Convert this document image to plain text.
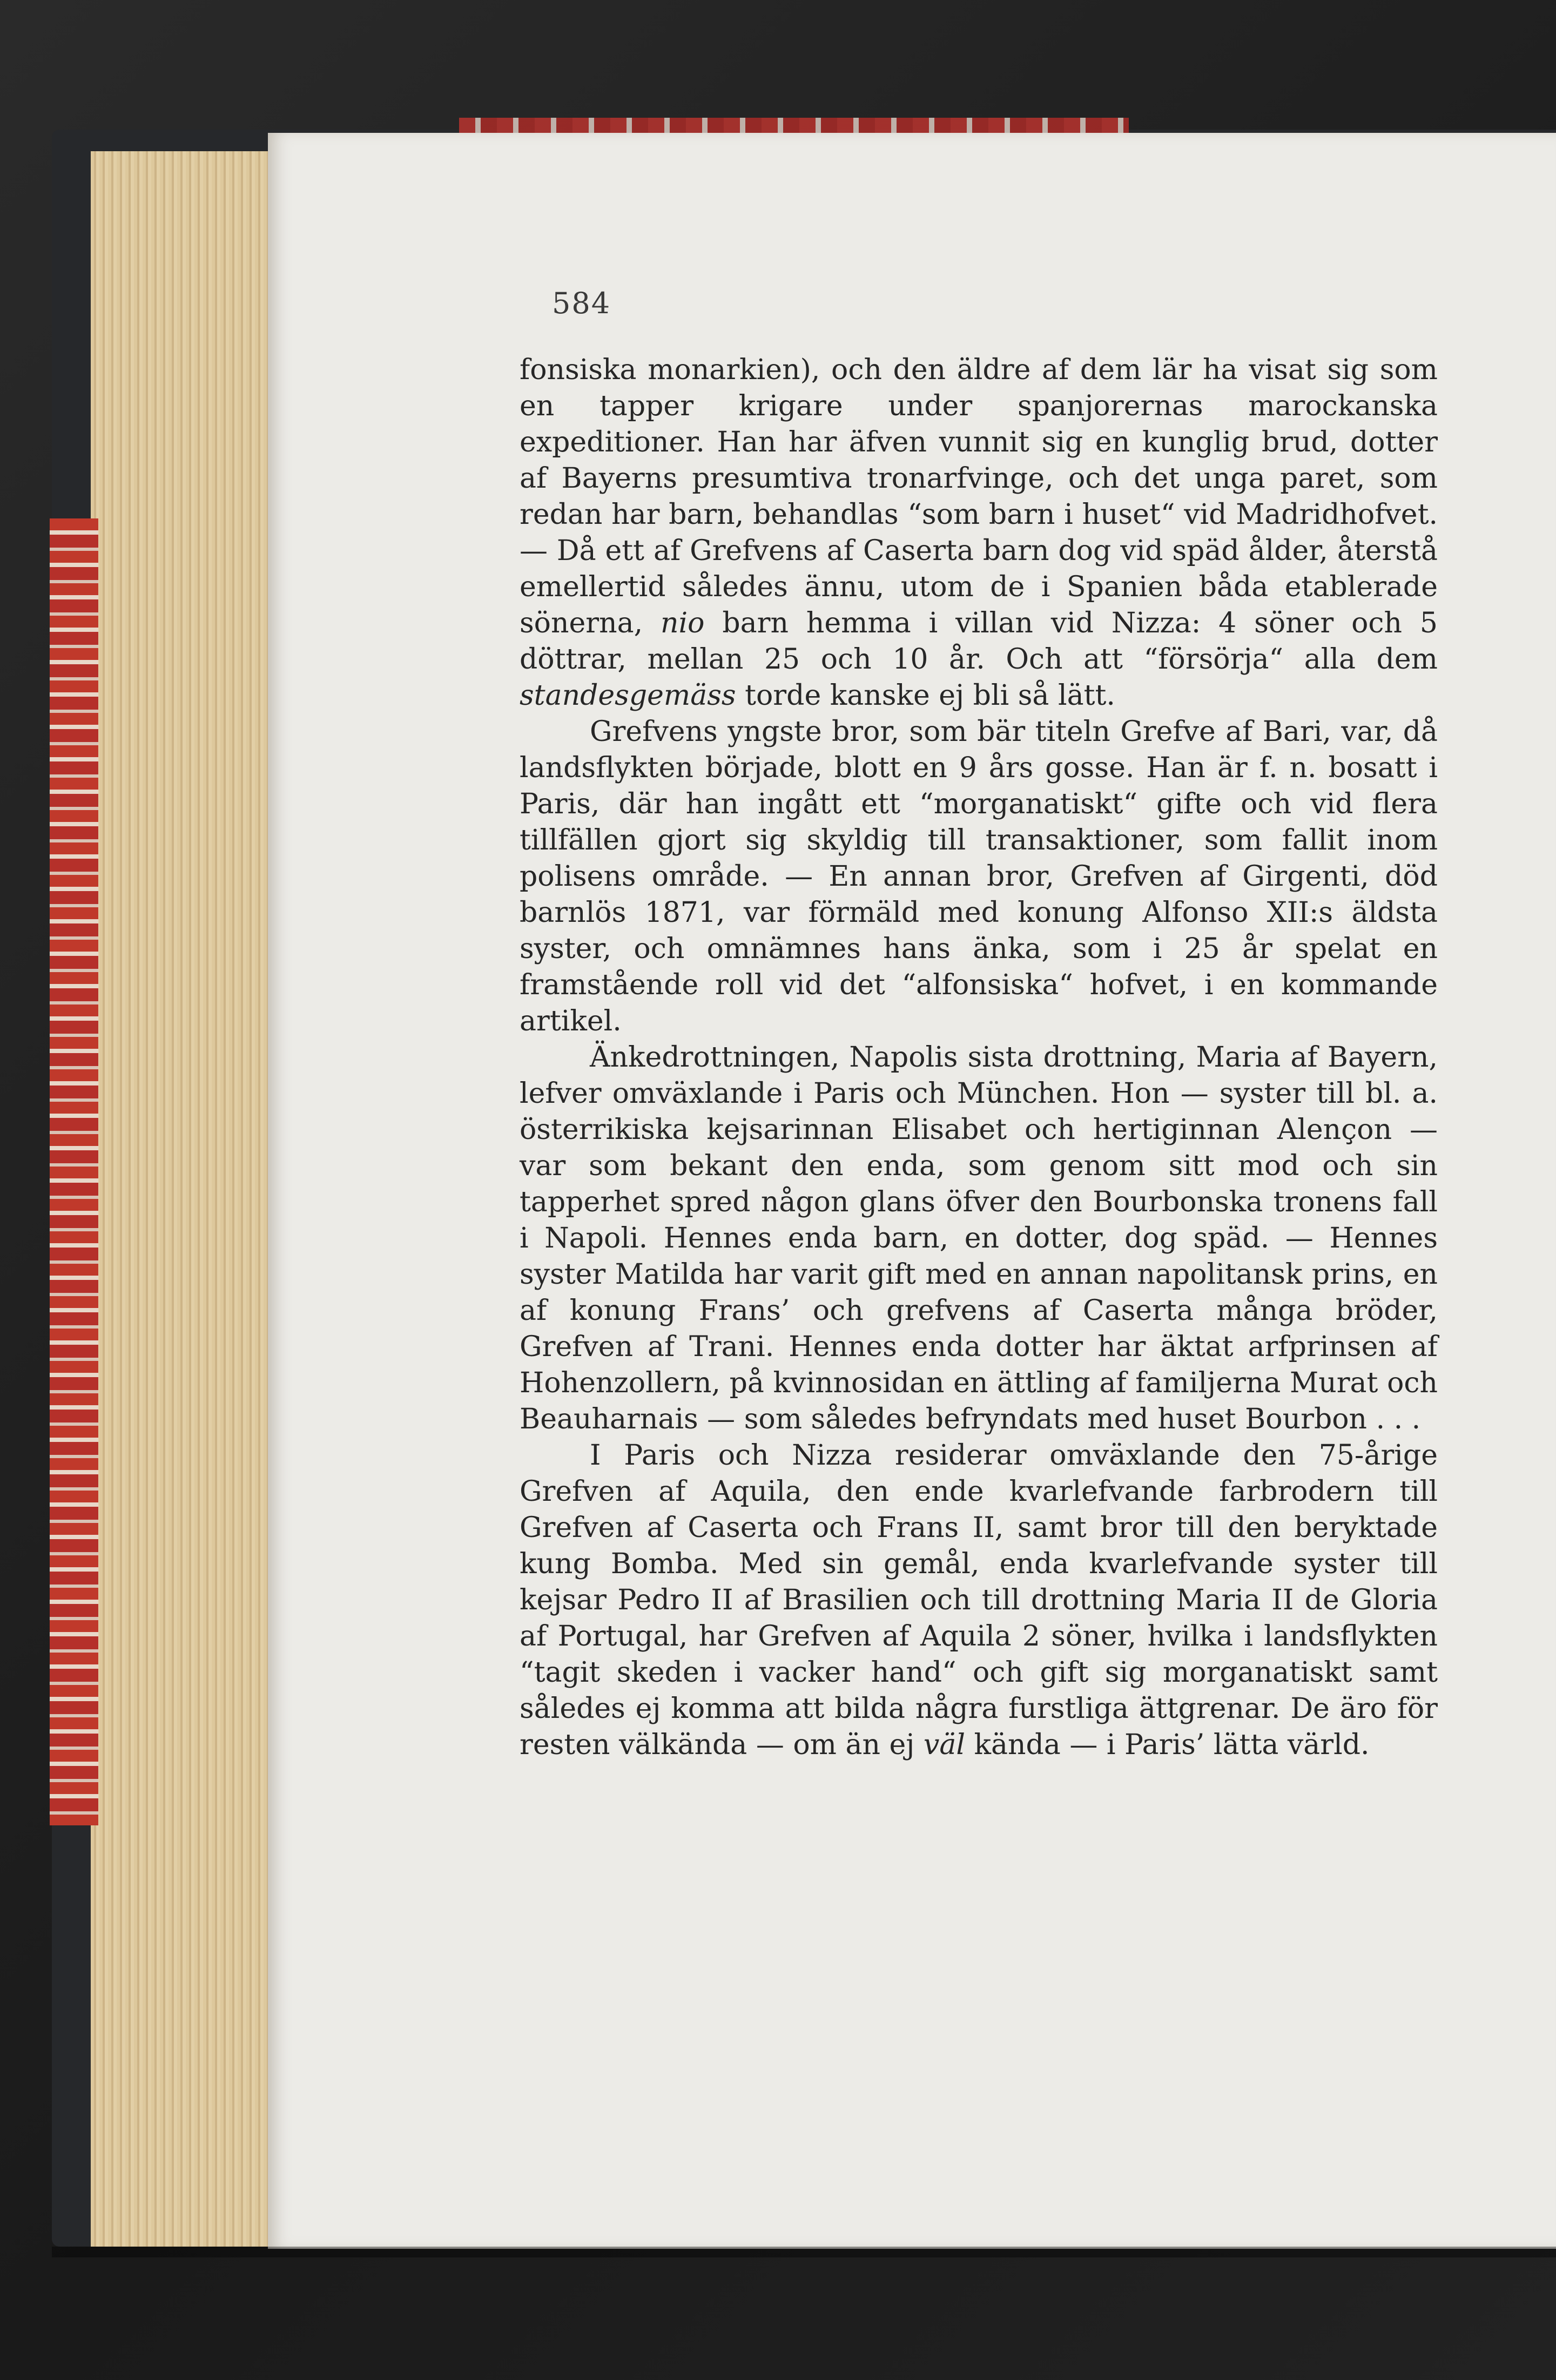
584

fonsiska monarkien), och den äldre af dem lär ha visat sig som en tapper krigare under spanjorernas marockanska expeditioner. Han har äfven vunnit sig en kunglig brud, dotter af Bayerns presumtiva tronarfvinge, och det unga paret, som redan har barn, behandlas “som barn i huset“ vid Madridhofvet. — Då ett af Grefvens af Caserta barn dog vid späd ålder, återstå emellertid således ännu, utom de i Spanien båda etablerade sönerna, nio barn hemma i villan vid Nizza: 4 söner och 5 döttrar, mellan 25 och 10 år. Och att “försörja“ alla dem standesgemäss torde kanske ej bli så lätt.

Grefvens yngste bror, som bär titeln Grefve af Bari, var, då landsflykten började, blott en 9 års gosse. Han är f. n. bosatt i Paris, där han ingått ett “morganatiskt“ gifte och vid flera tillfällen gjort sig skyldig till transaktioner, som fallit inom polisens område. — En annan bror, Grefven af Girgenti, död barnlös 1871, var förmäld med konung Alfonso XII:s äldsta syster, och omnämnes hans änka, som i 25 år spelat en framstående roll vid det “alfonsiska“ hofvet, i en kommande artikel.

Änkedrottningen, Napolis sista drottning, Maria af Bayern, lefver omväxlande i Paris och München. Hon — syster till bl. a. österrikiska kejsarinnan Elisabet och hertiginnan Alençon — var som bekant den enda, som genom sitt mod och sin tapperhet spred någon glans öfver den Bourbonska tronens fall i Napoli. Hennes enda barn, en dotter, dog späd. — Hennes syster Matilda har varit gift med en annan napolitansk prins, en af konung Frans’ och grefvens af Caserta många bröder, Grefven af Trani. Hennes enda dotter har äktat arfprinsen af Hohenzollern, på kvinnosidan en ättling af familjerna Murat och Beauharnais — som således befryndats med huset Bourbon . . .

I Paris och Nizza residerar omväxlande den 75-årige Grefven af Aquila, den ende kvarlefvande farbrodern till Grefven af Caserta och Frans II, samt bror till den beryktade kung Bomba. Med sin gemål, enda kvarlefvande syster till kejsar Pedro II af Brasilien och till drottning Maria II de Gloria af Portugal, har Grefven af Aquila 2 söner, hvilka i landsflykten “tagit skeden i vacker hand“ och gift sig morganatiskt samt således ej komma att bilda några furstliga ättgrenar. De äro för resten välkända — om än ej väl kända — i Paris’ lätta värld.
